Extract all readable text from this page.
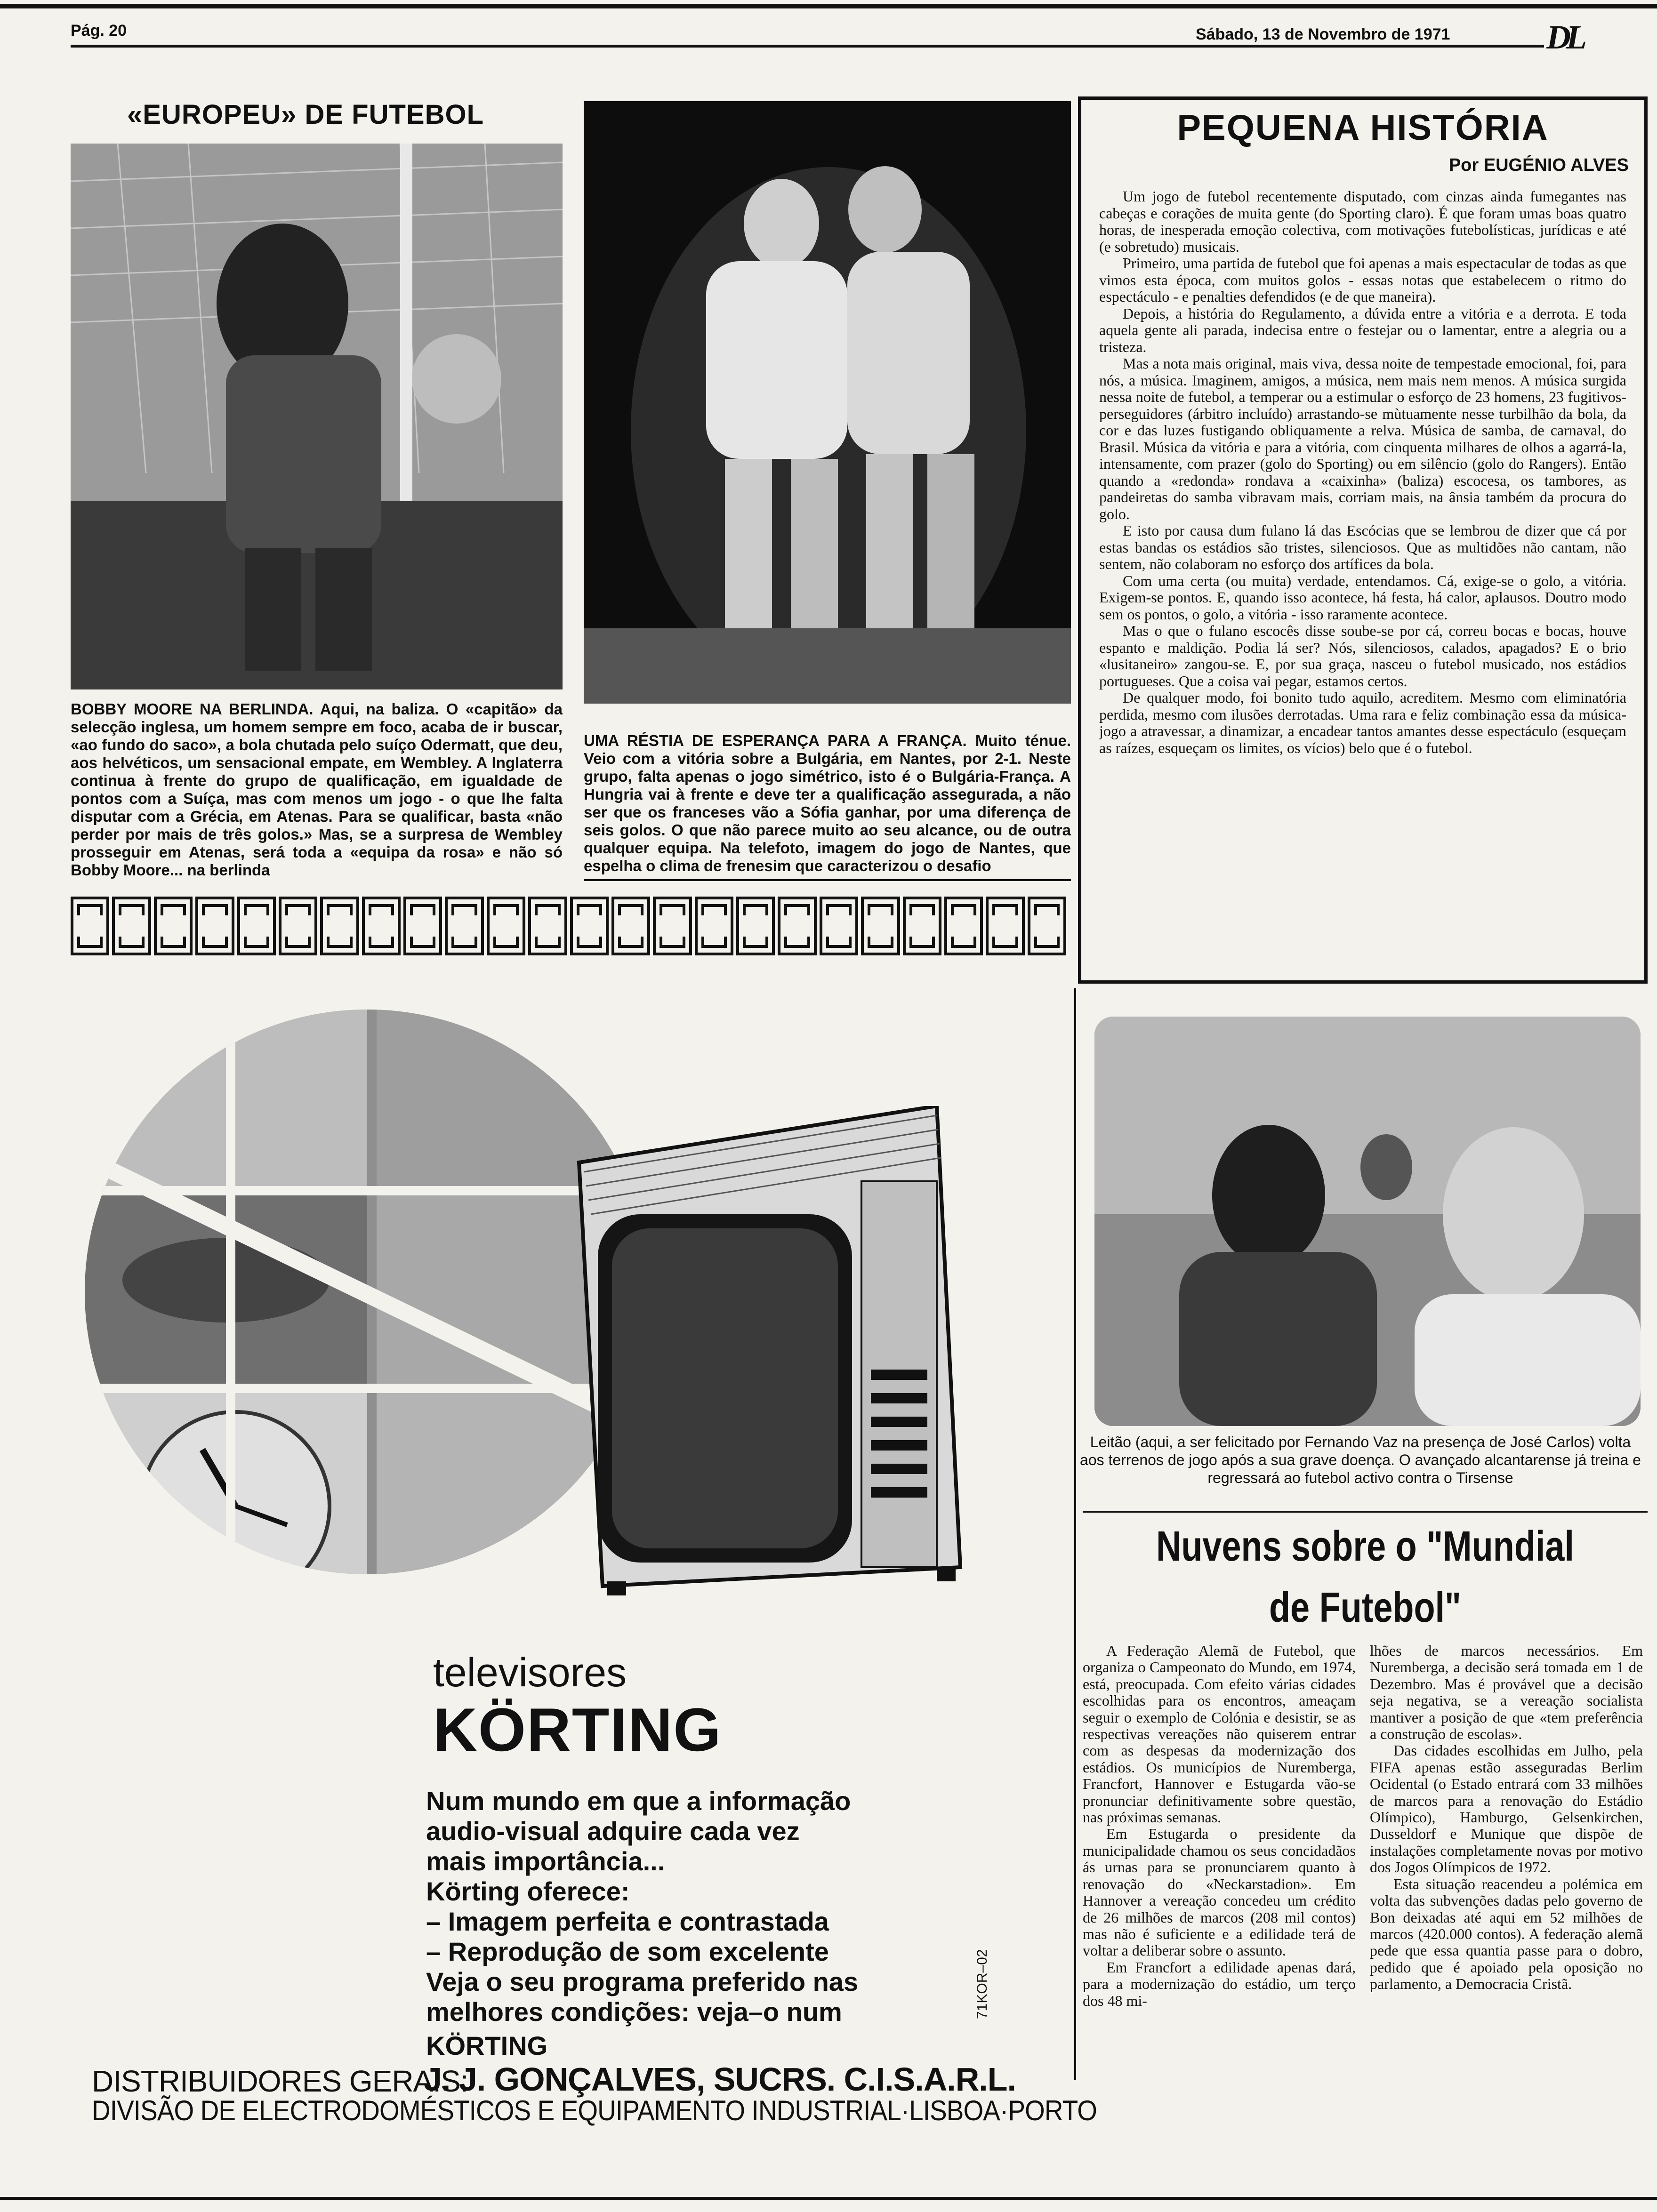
Pág. 20	Sábado, 13 de Novembro de 1971	DL
«EUROPEU» DE FUTEBOL
BOBBY MOORE NA BERLINDA. Aqui, na baliza. O «capitão» da selecção inglesa, um homem sempre em foco, acaba de ir buscar, «ao fundo do saco», a bola chutada pelo suíço Odermatt, que deu, aos helvéticos, um sensacional empate, em Wembley. A Inglaterra continua à frente do grupo de qualificação, em igualdade de pontos com a Suíça, mas com menos um jogo - o que lhe falta disputar com a Grécia, em Atenas. Para se qualificar, basta «não perder por mais de três golos.» Mas, se a surpresa de Wembley prosseguir em Atenas, será toda a «equipa da rosa» e não só Bobby Moore... na berlinda
UMA RÉSTIA DE ESPERANÇA PARA A FRANÇA. Muito ténue. Veio com a vitória sobre a Bulgária, em Nantes, por 2-1. Neste grupo, falta apenas o jogo simétrico, isto é o Bulgária-França. A Hungria vai à frente e deve ter a qualificação assegurada, a não ser que os franceses vão a Sófia ganhar, por uma diferença de seis golos. O que não parece muito ao seu alcance, ou de outra qualquer equipa. Na telefoto, imagem do jogo de Nantes, que espelha o clima de frenesim que caracterizou o desafio
PEQUENA HISTÓRIA
Por EUGÉNIO ALVES

Um jogo de futebol recentemente disputado, com cinzas ainda fumegantes nas cabeças e corações de muita gente (do Sporting claro). É que foram umas boas quatro horas, de inesperada emoção colectiva, com motivações futebolísticas, jurídicas e até (e sobretudo) musicais.

Primeiro, uma partida de futebol que foi apenas a mais espectacular de todas as que vimos esta época, com muitos golos - essas notas que estabelecem o ritmo do espectáculo - e penalties defendidos (e de que maneira).

Depois, a história do Regulamento, a dúvida entre a vitória e a derrota. E toda aquela gente ali parada, indecisa entre o festejar ou o lamentar, entre a alegria ou a tristeza.

Mas a nota mais original, mais viva, dessa noite de tempestade emocional, foi, para nós, a música. Imaginem, amigos, a música, nem mais nem menos. A música surgida nessa noite de futebol, a temperar ou a estimular o esforço de 23 homens, 23 fugitivos-perseguidores (árbitro incluído) arrastando-se mùtuamente nesse turbilhão da bola, da cor e das luzes fustigando obliquamente a relva. Música de samba, de carnaval, do Brasil. Música da vitória e para a vitória, com cinquenta milhares de olhos a agarrá-la, intensamente, com prazer (golo do Sporting) ou em silêncio (golo do Rangers). Então quando a «redonda» rondava a «caixinha» (baliza) escocesa, os tambores, as pandeiretas do samba vibravam mais, corriam mais, na ânsia também da procura do golo.

E isto por causa dum fulano lá das Escócias que se lembrou de dizer que cá por estas bandas os estádios são tristes, silenciosos. Que as multidões não cantam, não sentem, não colaboram no esforço dos artífices da bola.

Com uma certa (ou muita) verdade, entendamos. Cá, exige-se o golo, a vitória. Exigem-se pontos. E, quando isso acontece, há festa, há calor, aplausos. Doutro modo sem os pontos, o golo, a vitória - isso raramente acontece.

Mas o que o fulano escocês disse soube-se por cá, correu bocas e bocas, houve espanto e maldição. Podia lá ser? Nós, silenciosos, calados, apagados? E o brio «lusitaneiro» zangou-se. E, por sua graça, nasceu o futebol musicado, nos estádios portugueses. Que a coisa vai pegar, estamos certos.

De qualquer modo, foi bonito tudo aquilo, acreditem. Mesmo com eliminatória perdida, mesmo com ilusões derrotadas. Uma rara e feliz combinação essa da música-jogo a atravessar, a dinamizar, a encadear tantos amantes desse espectáculo (esqueçam as raízes, esqueçam os limites, os vícios) belo que é o futebol.

Leitão (aqui, a ser felicitado por Fernando Vaz na presença de José Carlos) volta aos terrenos de jogo após a sua grave doença. O avançado alcantarense já treina e regressará ao futebol activo contra o Tirsense
Nuvens sobre o "Mundial
de Futebol"

A Federação Alemã de Futebol, que organiza o Campeonato do Mundo, em 1974, está, preocupada. Com efeito várias cidades escolhidas para os encontros, ameaçam seguir o exemplo de Colónia e desistir, se as respectivas vereações não quiserem entrar com as despesas da modernização dos estádios. Os municípios de Nuremberga, Francfort, Hannover e Estugarda vão-se pronunciar definitivamente sobre questão, nas próximas semanas.

Em Estugarda o presidente da municipalidade chamou os seus concidadãos ás urnas para se pronunciarem quanto à renovação do «Neckarstadion». Em Hannover a vereação concedeu um crédito de 26 milhões de marcos (208 mil contos) mas não é suficiente e a edilidade terá de voltar a deliberar sobre o assunto.

Em Francfort a edilidade apenas dará, para a modernização do estádio, um terço dos 48 mi-

lhões de marcos necessários. Em Nuremberga, a decisão será tomada em 1 de Dezembro. Mas é provável que a decisão seja negativa, se a vereação socialista mantiver a posição de que «tem preferência a construção de escolas».

Das cidades escolhidas em Julho, pela FIFA apenas estão asseguradas Berlim Ocidental (o Estado entrará com 33 milhões de marcos para a renovação do Estádio Olímpico), Hamburgo, Gelsenkirchen, Dusseldorf e Munique que dispõe de instalações completamente novas por motivo dos Jogos Olímpicos de 1972.

Esta situação reacendeu a polémica em volta das subvenções dadas pelo governo de Bon deixadas até aqui em 52 milhões de marcos (420.000 contos). A federação alemã pede que essa quantia passe para o dobro, pedido que é apoiado pela oposição no parlamento, a Democracia Cristã.

televisores
KÖRTING
Num mundo em que a informação
audio-visual adquire cada vez
mais importância...
Körting oferece:
– Imagem perfeita e contrastada
– Reprodução de som excelente
Veja o seu programa preferido nas
melhores condições: veja–o num
KÖRTING
71KOR–02
DISTRIBUIDORES GERAIS:
J. J. GONÇALVES, SUCRS. C.I.S.A.R.L.
DIVISÃO DE ELECTRODOMÉSTICOS E EQUIPAMENTO INDUSTRIAL·LISBOA·PORTO
